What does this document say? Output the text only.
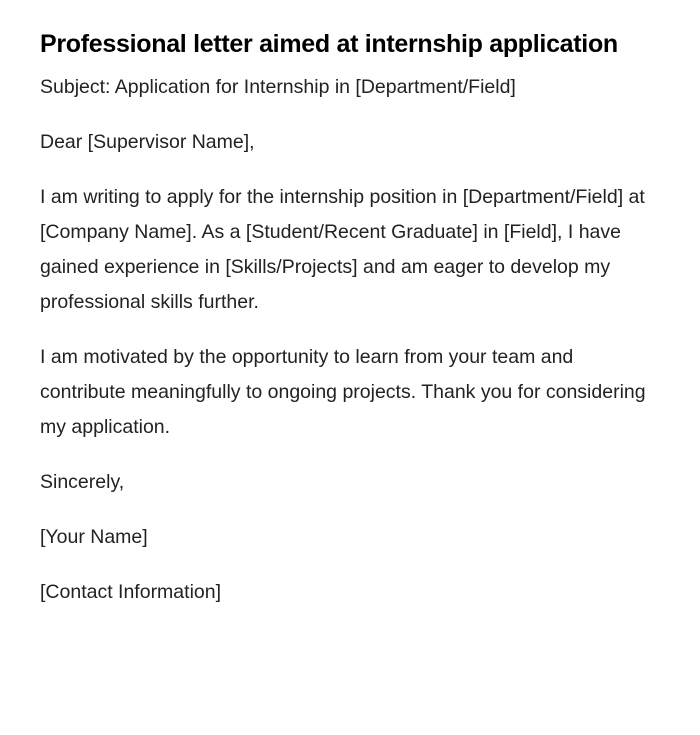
Professional letter aimed at internship application

Subject: Application for Internship in [Department/Field]

Dear [Supervisor Name],

I am writing to apply for the internship position in [Department/Field] at [Company Name]. As a [Student/Recent Graduate] in [Field], I have gained experience in [Skills/Projects] and am eager to develop my professional skills further.

I am motivated by the opportunity to learn from your team and contribute meaningfully to ongoing projects. Thank you for considering my application.

Sincerely,

[Your Name]

[Contact Information]
